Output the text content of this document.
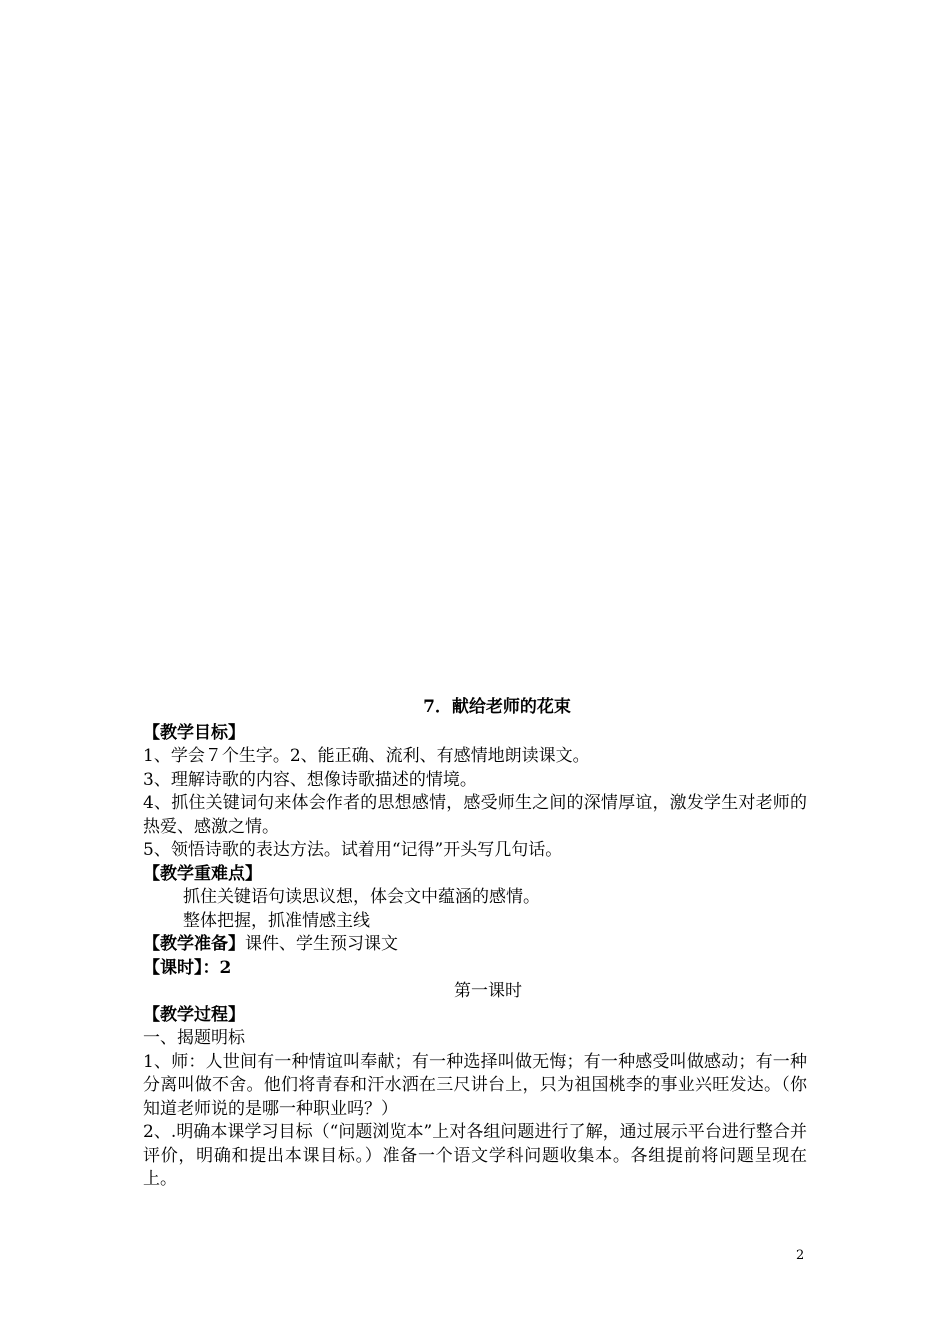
7．献给老师的花束
【教学目标】
1、学会７个生字。2、能正确、流利、有感情地朗读课文。
3、理解诗歌的内容、想像诗歌描述的情境。
4、抓住关键词句来体会作者的思想感情，感受师生之间的深情厚谊，激发学生对老师的热爱、感激之情。
5、领悟诗歌的表达方法。试着用“记得”开头写几句话。
【教学重难点】
抓住关键语句读思议想，体会文中蕴涵的感情。
整体把握，抓准情感主线
【教学准备】课件、学生预习课文
【课时】：2
第一课时
【教学过程】
一、揭题明标
1、师：人世间有一种情谊叫奉献；有一种选择叫做无悔；有一种感受叫做感动；有一种分离叫做不舍。他们将青春和汗水洒在三尺讲台上，只为祖国桃李的事业兴旺发达。（你知道老师说的是哪一种职业吗？）
2、.明确本课学习目标（“问题浏览本”上对各组问题进行了解，通过展示平台进行整合并评价，明确和提出本课目标。）准备一个语文学科问题收集本。各组提前将问题呈现在上。
2
